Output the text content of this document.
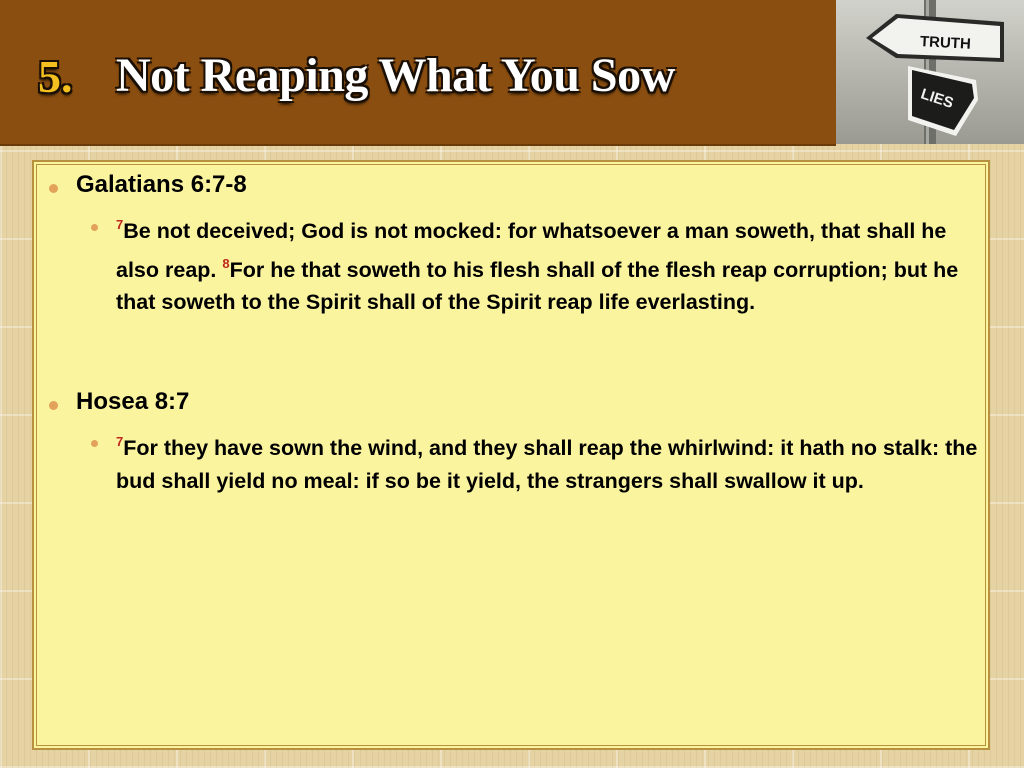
5. Not Reaping What You Sow
TRUTH
LIES
Galatians 6:7-8
$^7$Be not deceived; God is not mocked: for whatsoever a man soweth, that shall he also reap. $^8$For he that soweth to his flesh shall of the flesh reap corruption; but he that soweth to the Spirit shall of the Spirit reap life everlasting.
Hosea 8:7
$^7$For they have sown the wind, and they shall reap the whirlwind: it hath no stalk: the bud shall yield no meal: if so be it yield, the strangers shall swallow it up.
